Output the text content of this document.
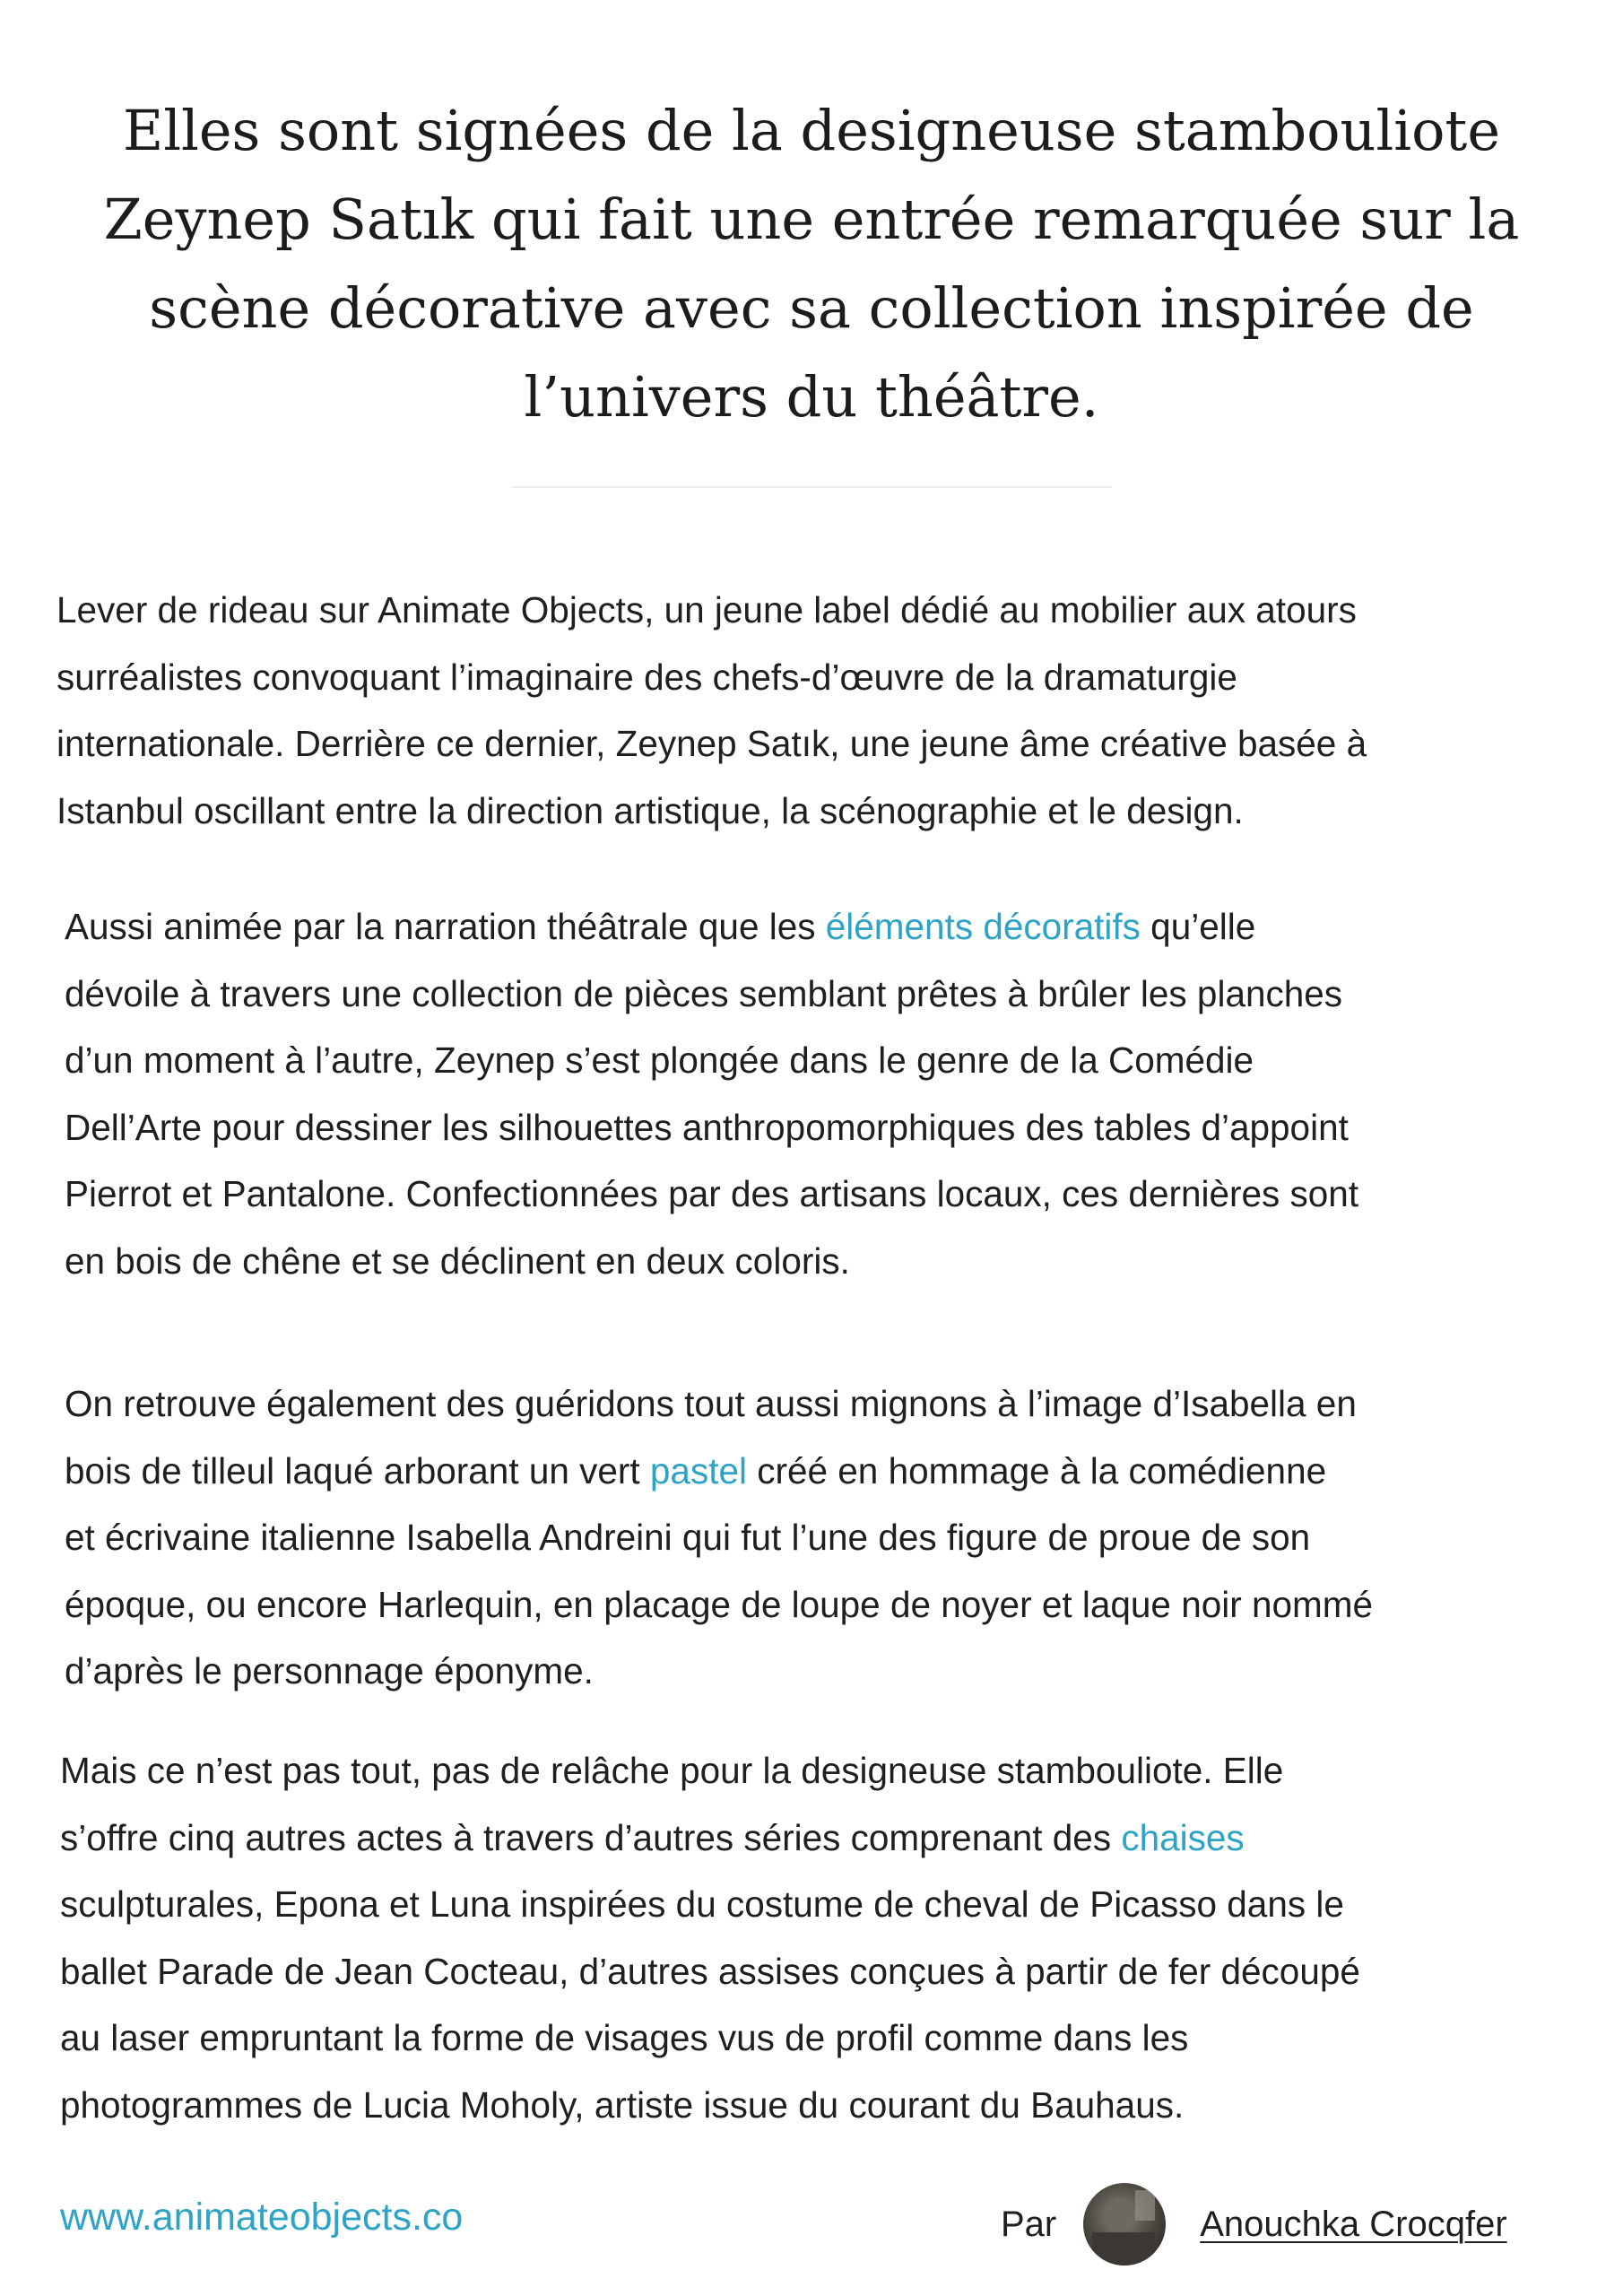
Elles sont signées de la designeuse stambouliote
Zeynep Satık qui fait une entrée remarquée sur la
scène décorative avec sa collection inspirée de
l’univers du théâtre.

Lever de rideau sur Animate Objects, un jeune label dédié au mobilier aux atours
surréalistes convoquant l’imaginaire des chefs-d’œuvre de la dramaturgie
internationale. Derrière ce dernier, Zeynep Satık, une jeune âme créative basée à
Istanbul oscillant entre la direction artistique, la scénographie et le design.

Aussi animée par la narration théâtrale que les éléments décoratifs qu’elle
dévoile à travers une collection de pièces semblant prêtes à brûler les planches
d’un moment à l’autre, Zeynep s’est plongée dans le genre de la Comédie
Dell’Arte pour dessiner les silhouettes anthropomorphiques des tables d’appoint
Pierrot et Pantalone. Confectionnées par des artisans locaux, ces dernières sont
en bois de chêne et se déclinent en deux coloris.

On retrouve également des guéridons tout aussi mignons à l’image d’Isabella en
bois de tilleul laqué arborant un vert pastel créé en hommage à la comédienne
et écrivaine italienne Isabella Andreini qui fut l’une des figure de proue de son
époque, ou encore Harlequin, en placage de loupe de noyer et laque noir nommé
d’après le personnage éponyme.

Mais ce n’est pas tout, pas de relâche pour la designeuse stambouliote. Elle
s’offre cinq autres actes à travers d’autres séries comprenant des chaises
sculpturales, Epona et Luna inspirées du costume de cheval de Picasso dans le
ballet Parade de Jean Cocteau, d’autres assises conçues à partir de fer découpé
au laser empruntant la forme de visages vus de profil comme dans les
photogrammes de Lucia Moholy, artiste issue du courant du Bauhaus.

www.animateobjects.co	Par	Anouchka Crocqfer
